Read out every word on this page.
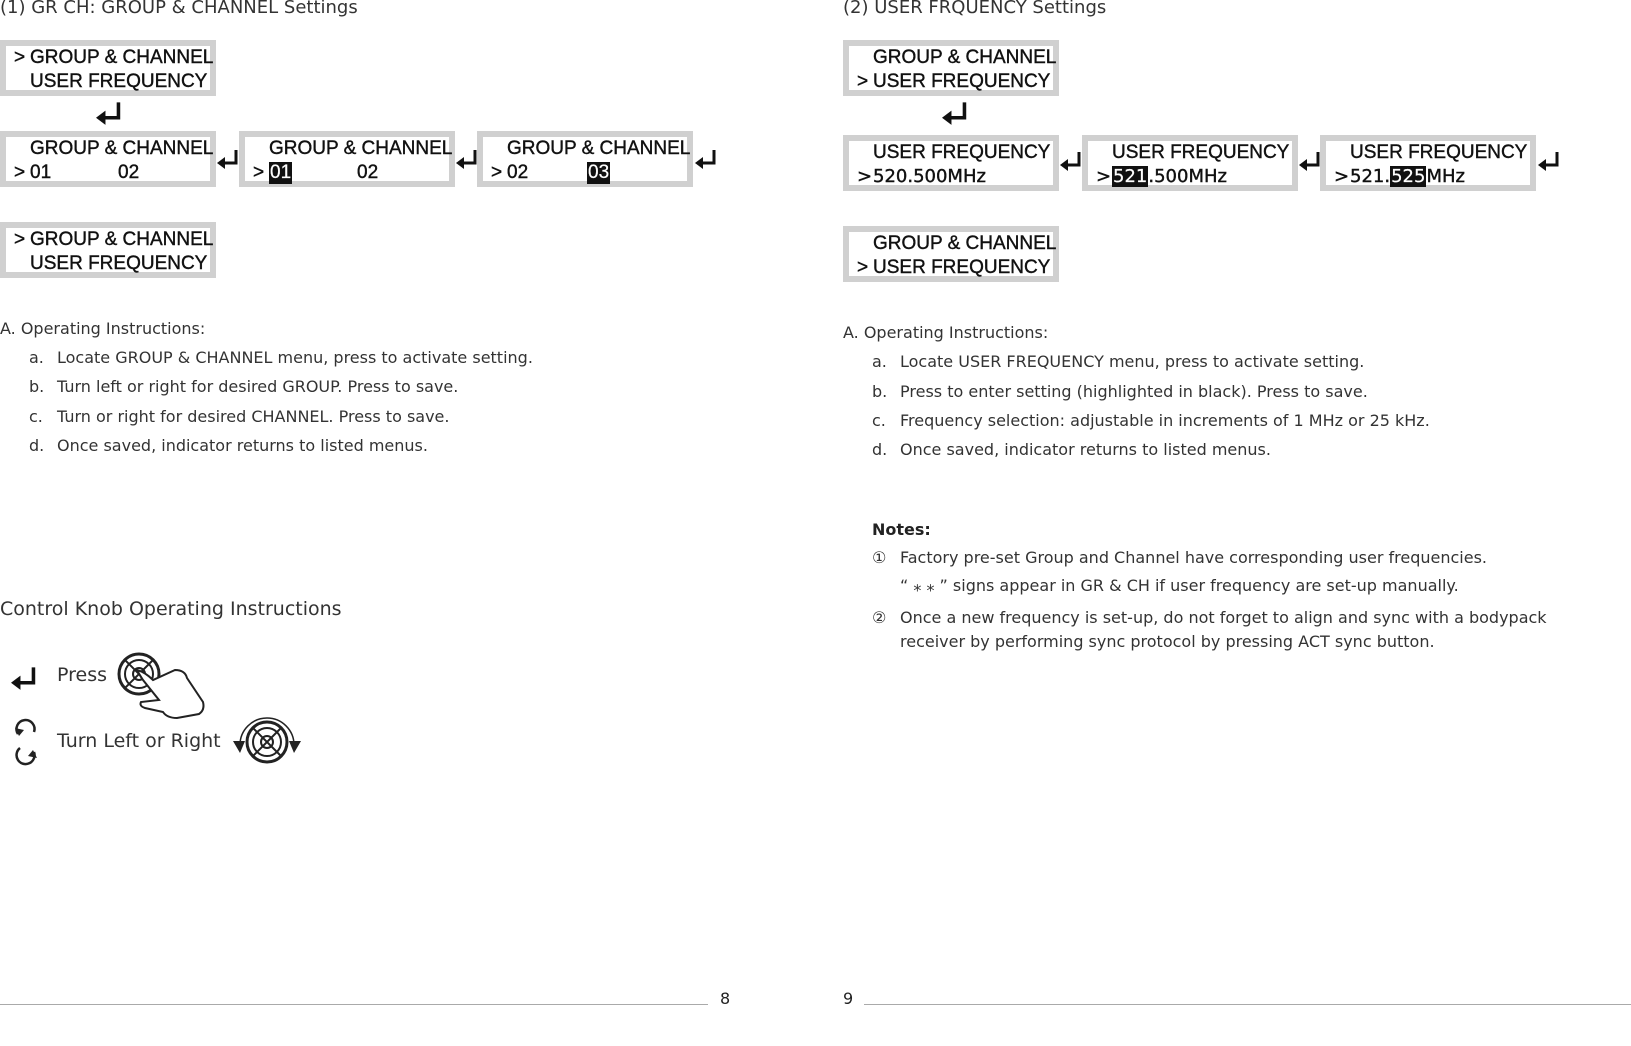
(1) GR CH: GROUP & CHANNEL Settings
> GROUP & CHANNEL
USER FREQUENCY
GROUP & CHANNEL
> 01	02
GROUP & CHANNEL
> 01	02
GROUP & CHANNEL
> 02	03
> GROUP & CHANNEL
USER FREQUENCY
A. Operating Instructions:
a. Locate GROUP & CHANNEL menu, press to activate setting.
b. Turn left or right for desired GROUP. Press to save.
c. Turn or right for desired CHANNEL. Press to save.
d. Once saved, indicator returns to listed menus.
Control Knob Operating Instructions
Press
Turn Left or Right
8
(2) USER FRQUENCY Settings
GROUP & CHANNEL
> USER FREQUENCY
USER FREQUENCY
> 520.500MHz
USER FREQUENCY
> 521.500MHz
USER FREQUENCY
> 521.525MHz
GROUP & CHANNEL
> USER FREQUENCY
A. Operating Instructions:
a. Locate USER FREQUENCY menu, press to activate setting.
b. Press to enter setting (highlighted in black). Press to save.
c. Frequency selection: adjustable in increments of 1 MHz or 25 kHz.
d. Once saved, indicator returns to listed menus.
Notes:
① Factory pre-set Group and Channel have corresponding user frequencies.
“ ⁎ ⁎ ” signs appear in GR & CH if user frequency are set-up manually.
② Once a new frequency is set-up, do not forget to align and sync with a bodypack receiver by performing sync protocol by pressing ACT sync button.
9
